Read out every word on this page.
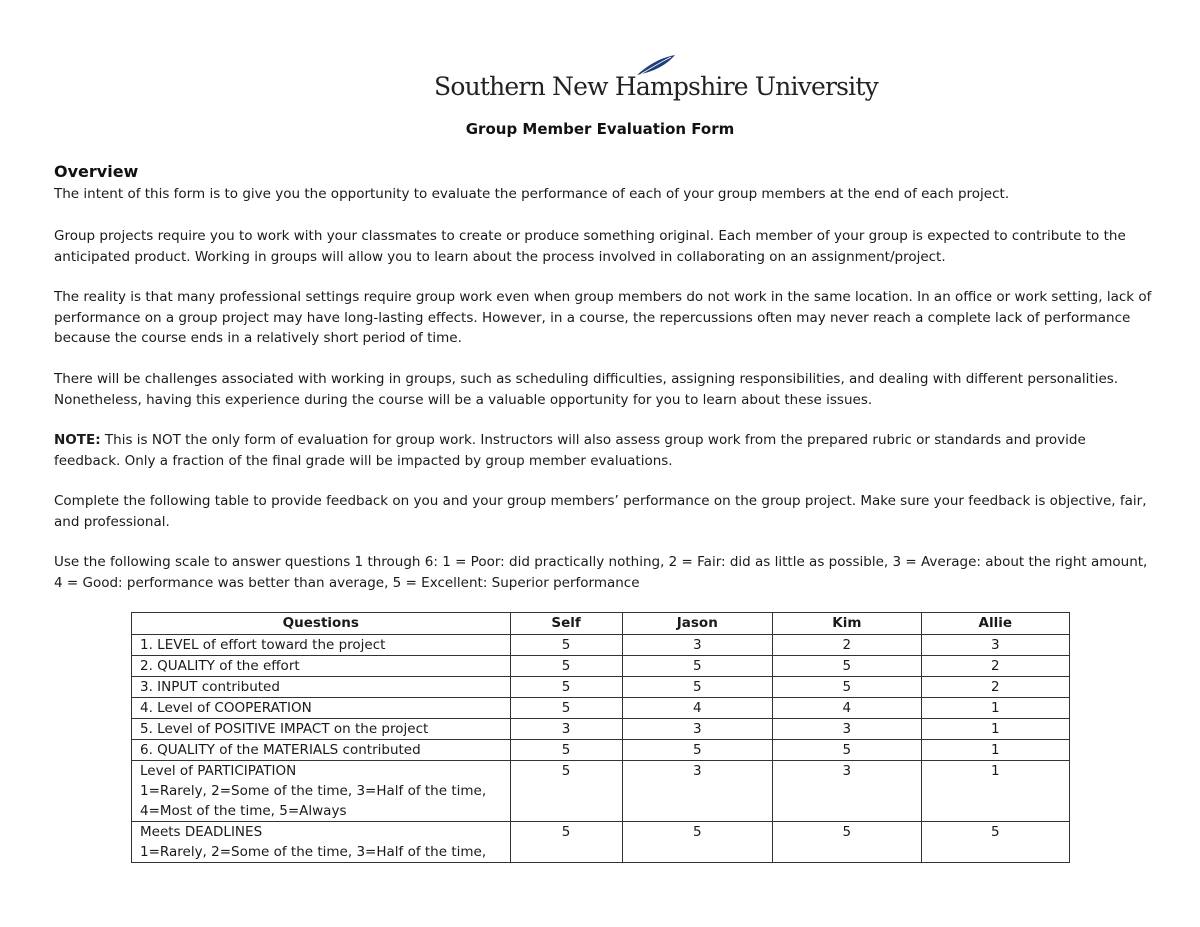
Southern New Hampshire University
Group Member Evaluation Form
Overview
The intent of this form is to give you the opportunity to evaluate the performance of each of your group members at the end of each project.
Group projects require you to work with your classmates to create or produce something original. Each member of your group is expected to contribute to the anticipated product. Working in groups will allow you to learn about the process involved in collaborating on an assignment/project.
The reality is that many professional settings require group work even when group members do not work in the same location. In an office or work setting, lack of performance on a group project may have long-lasting effects. However, in a course, the repercussions often may never reach a complete lack of performance because the course ends in a relatively short period of time.
There will be challenges associated with working in groups, such as scheduling difficulties, assigning responsibilities, and dealing with different personalities. Nonetheless, having this experience during the course will be a valuable opportunity for you to learn about these issues.
NOTE: This is NOT the only form of evaluation for group work. Instructors will also assess group work from the prepared rubric or standards and provide feedback. Only a fraction of the final grade will be impacted by group member evaluations.
Complete the following table to provide feedback on you and your group members’ performance on the group project. Make sure your feedback is objective, fair, and professional.
Use the following scale to answer questions 1 through 6: 1 = Poor: did practically nothing, 2 = Fair: did as little as possible, 3 = Average: about the right amount, 4 = Good: performance was better than average, 5 = Excellent: Superior performance
Questions	Self	Jason	Kim	Allie
1. LEVEL of effort toward the project	5	3	2	3
2. QUALITY of the effort	5	5	5	2
3. INPUT contributed	5	5	5	2
4. Level of COOPERATION	5	4	4	1
5. Level of POSITIVE IMPACT on the project	3	3	3	1
6. QUALITY of the MATERIALS contributed	5	5	5	1

Level of PARTICIPATION
1=Rarely, 2=Some of the time, 3=Half of the time,
4=Most of the time, 5=Always	5	3	3	1

Meets DEADLINES
1=Rarely, 2=Some of the time, 3=Half of the time,	5	5	5	5
